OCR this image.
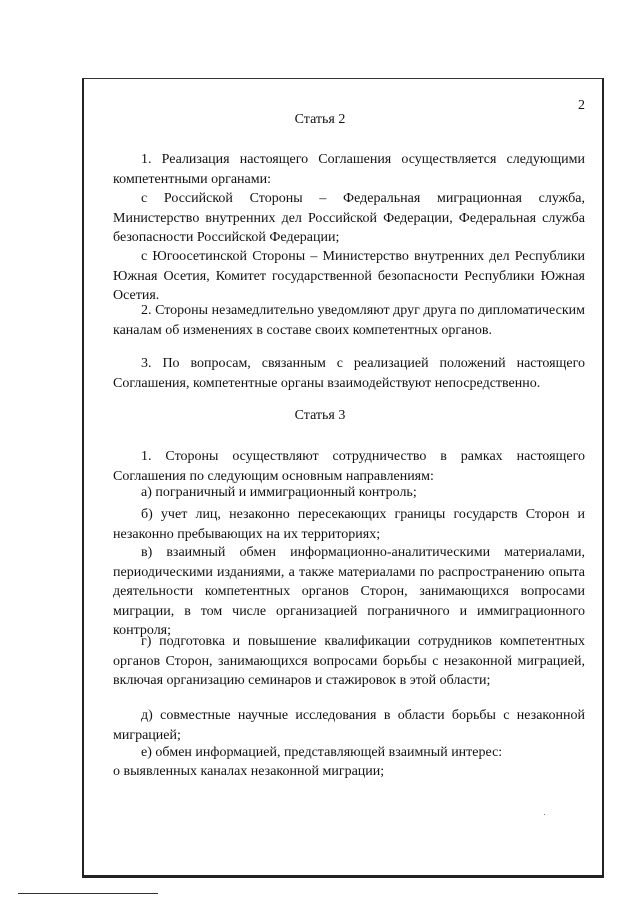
2
Статья 2

1. Реализация настоящего Соглашения осуществляется следующими компетентными органами:

с Российской Стороны – Федеральная миграционная служба, Министерство внутренних дел Российской Федерации, Федеральная служба безопасности Российской Федерации;

с Югоосетинской Стороны – Министерство внутренних дел Республики Южная Осетия, Комитет государственной безопасности Республики Южная Осетия.

2. Стороны незамедлительно уведомляют друг друга по дипломатическим каналам об изменениях в составе своих компетентных органов.

3. По вопросам, связанным с реализацией положений настоящего Соглашения, компетентные органы взаимодействуют непосредственно.

Статья 3

1. Стороны осуществляют сотрудничество в рамках настоящего Соглашения по следующим основным направлениям:

а) пограничный и иммиграционный контроль;

б) учет лиц, незаконно пересекающих границы государств Сторон и незаконно пребывающих на их территориях;

в) взаимный обмен информационно-аналитическими материалами, периодическими изданиями, а также материалами по распространению опыта деятельности компетентных органов Сторон, занимающихся вопросами миграции, в том числе организацией пограничного и иммиграционного контроля;

г) подготовка и повышение квалификации сотрудников компетентных органов Сторон, занимающихся вопросами борьбы с незаконной миграцией, включая организацию семинаров и стажировок в этой области;

д) совместные научные исследования в области борьбы с незаконной миграцией;

е) обмен информацией, представляющей взаимный интерес:

о выявленных каналах незаконной миграции;
